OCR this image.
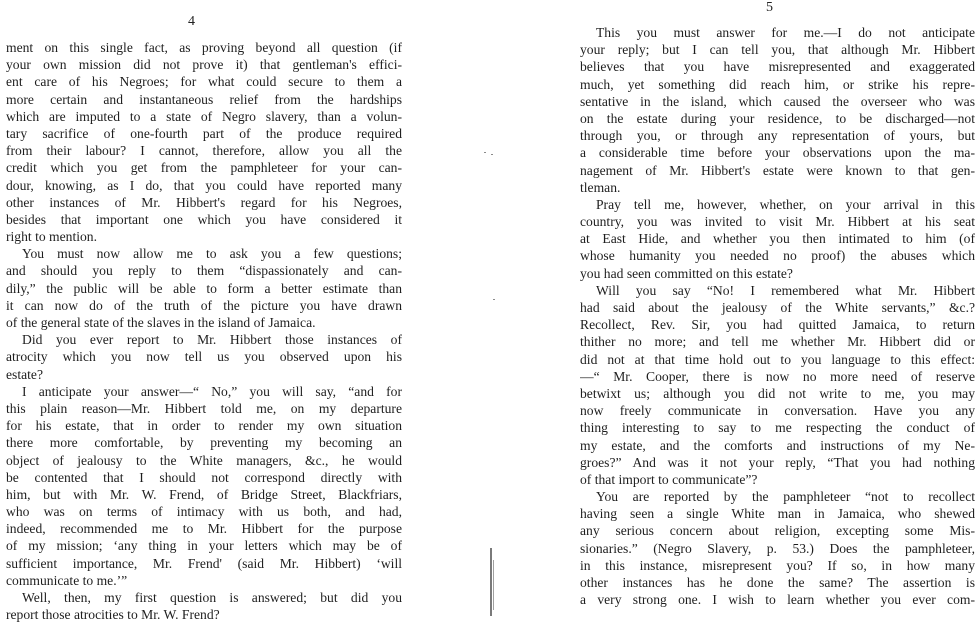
4
ment on this single fact, as proving beyond all question (if
your own mission did not prove it) that gentleman's effici-
ent care of his Negroes; for what could secure to them a
more certain and instantaneous relief from the hardships
which are imputed to a state of Negro slavery, than a volun-
tary sacrifice of one-fourth part of the produce required
from their labour? I cannot, therefore, allow you all the
credit which you get from the pamphleteer for your can-
dour, knowing, as I do, that you could have reported many
other instances of Mr. Hibbert's regard for his Negroes,
besides that important one which you have considered it
right to mention.
You must now allow me to ask you a few questions;
and should you reply to them “dispassionately and can-
dily,” the public will be able to form a better estimate than
it can now do of the truth of the picture you have drawn
of the general state of the slaves in the island of Jamaica.
Did you ever report to Mr. Hibbert those instances of
atrocity which you now tell us you observed upon his
estate?
I anticipate your answer—“ No,” you will say, “and for
this plain reason—Mr. Hibbert told me, on my departure
for his estate, that in order to render my own situation
there more comfortable, by preventing my becoming an
object of jealousy to the White managers, &c., he would
be contented that I should not correspond directly with
him, but with Mr. W. Frend, of Bridge Street, Blackfriars,
who was on terms of intimacy with us both, and had,
indeed, recommended me to Mr. Hibbert for the purpose
of my mission; ‘any thing in your letters which may be of
sufficient importance, Mr. Frend' (said Mr. Hibbert) ‘will
communicate to me.’”
Well, then, my first question is answered; but did you
report those atrocities to Mr. W. Frend?
5
This you must answer for me.—I do not anticipate
your reply; but I can tell you, that although Mr. Hibbert
believes that you have misrepresented and exaggerated
much, yet something did reach him, or strike his repre-
sentative in the island, which caused the overseer who was
on the estate during your residence, to be discharged—not
through you, or through any representation of yours, but
a considerable time before your observations upon the ma-
nagement of Mr. Hibbert's estate were known to that gen-
tleman.
Pray tell me, however, whether, on your arrival in this
country, you was invited to visit Mr. Hibbert at his seat
at East Hide, and whether you then intimated to him (of
whose humanity you needed no proof) the abuses which
you had seen committed on this estate?
Will you say “No! I remembered what Mr. Hibbert
had said about the jealousy of the White servants,” &c.?
Recollect, Rev. Sir, you had quitted Jamaica, to return
thither no more; and tell me whether Mr. Hibbert did or
did not at that time hold out to you language to this effect:
—“ Mr. Cooper, there is now no more need of reserve
betwixt us; although you did not write to me, you may
now freely communicate in conversation. Have you any
thing interesting to say to me respecting the conduct of
my estate, and the comforts and instructions of my Ne-
groes?” And was it not your reply, “That you had nothing
of that import to communicate”?
You are reported by the pamphleteer “not to recollect
having seen a single White man in Jamaica, who shewed
any serious concern about religion, excepting some Mis-
sionaries.” (Negro Slavery, p. 53.) Does the pamphleteer,
in this instance, misrepresent you? If so, in how many
other instances has he done the same? The assertion is
a very strong one. I wish to learn whether you ever com-
